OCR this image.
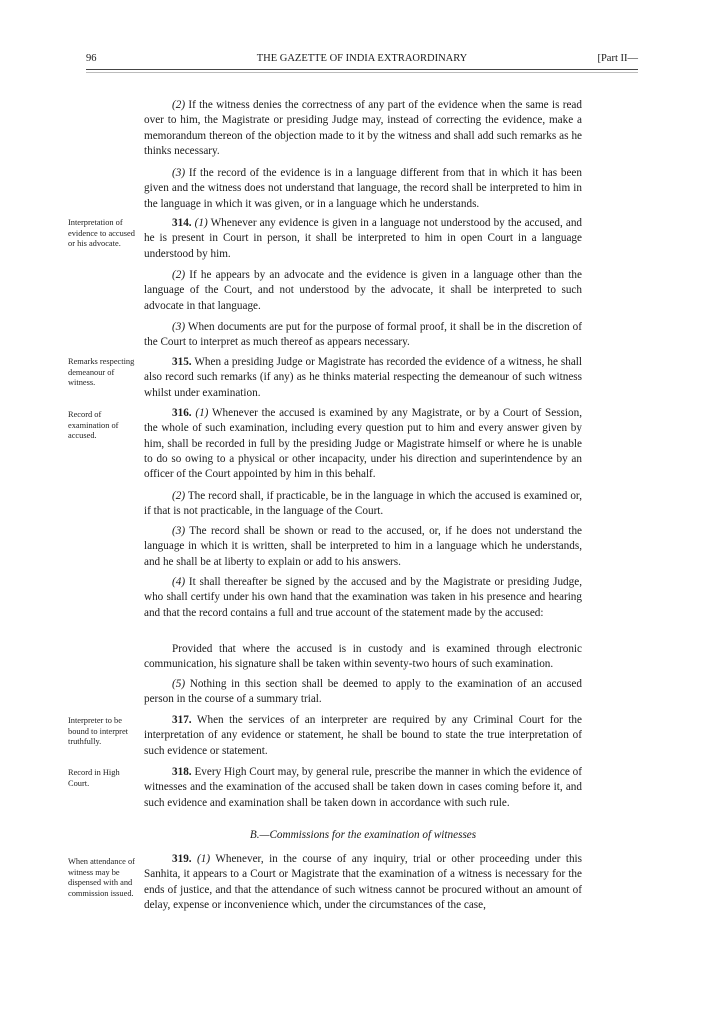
96	THE GAZETTE OF INDIA EXTRAORDINARY	[Part II—

(2) If the witness denies the correctness of any part of the evidence when the same is read over to him, the Magistrate or presiding Judge may, instead of correcting the evidence, make a memorandum thereon of the objection made to it by the witness and shall add such remarks as he thinks necessary.

(3) If the record of the evidence is in a language different from that in which it has been given and the witness does not understand that language, the record shall be interpreted to him in the language in which it was given, or in a language which he understands.

Interpretation of evidence to accused or his advocate.

314. (1) Whenever any evidence is given in a language not understood by the accused, and he is present in Court in person, it shall be interpreted to him in open Court in a language understood by him.

(2) If he appears by an advocate and the evidence is given in a language other than the language of the Court, and not understood by the advocate, it shall be interpreted to such advocate in that language.

(3) When documents are put for the purpose of formal proof, it shall be in the discretion of the Court to interpret as much thereof as appears necessary.

Remarks respecting demeanour of witness.

315. When a presiding Judge or Magistrate has recorded the evidence of a witness, he shall also record such remarks (if any) as he thinks material respecting the demeanour of such witness whilst under examination.

Record of examination of accused.

316. (1) Whenever the accused is examined by any Magistrate, or by a Court of Session, the whole of such examination, including every question put to him and every answer given by him, shall be recorded in full by the presiding Judge or Magistrate himself or where he is unable to do so owing to a physical or other incapacity, under his direction and superintendence by an officer of the Court appointed by him in this behalf.

(2) The record shall, if practicable, be in the language in which the accused is examined or, if that is not practicable, in the language of the Court.

(3) The record shall be shown or read to the accused, or, if he does not understand the language in which it is written, shall be interpreted to him in a language which he understands, and he shall be at liberty to explain or add to his answers.

(4) It shall thereafter be signed by the accused and by the Magistrate or presiding Judge, who shall certify under his own hand that the examination was taken in his presence and hearing and that the record contains a full and true account of the statement made by the accused:

Provided that where the accused is in custody and is examined through electronic communication, his signature shall be taken within seventy-two hours of such examination.

(5) Nothing in this section shall be deemed to apply to the examination of an accused person in the course of a summary trial.

Interpreter to be bound to interpret truthfully.

317. When the services of an interpreter are required by any Criminal Court for the interpretation of any evidence or statement, he shall be bound to state the true interpretation of such evidence or statement.

Record in High Court.

318. Every High Court may, by general rule, prescribe the manner in which the evidence of witnesses and the examination of the accused shall be taken down in cases coming before it, and such evidence and examination shall be taken down in accordance with such rule.

B.—Commissions for the examination of witnesses

When attendance of witness may be dispensed with and commission issued.

319. (1) Whenever, in the course of any inquiry, trial or other proceeding under this Sanhita, it appears to a Court or Magistrate that the examination of a witness is necessary for the ends of justice, and that the attendance of such witness cannot be procured without an amount of delay, expense or inconvenience which, under the circumstances of the case,
